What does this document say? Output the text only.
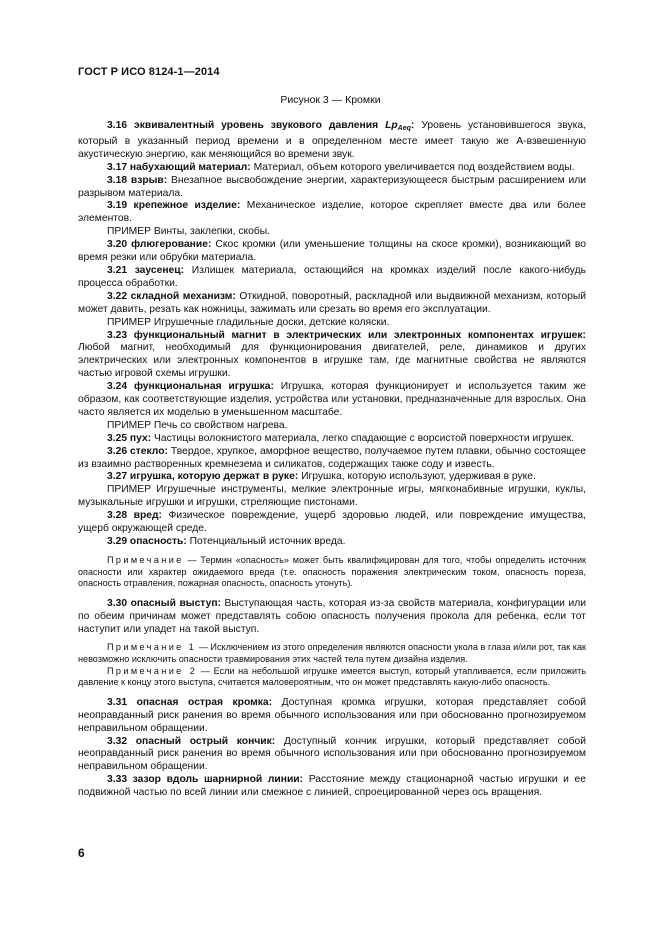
ГОСТ Р ИСО 8124-1—2014
Рисунок 3 — Кромки

3.16 эквивалентный уровень звукового давления $Lp_{Aeq}$: Уровень установившегося звука, который в указанный период времени и в определенном месте имеет такую же А-взвешенную акустическую энергию, как меняющийся во времени звук.

3.17 набухающий материал: Материал, объем которого увеличивается под воздействием воды.

3.18 взрыв: Внезапное высвобождение энергии, характеризующееся быстрым расширением или разрывом материала.

3.19 крепежное изделие: Механическое изделие, которое скрепляет вместе два или более элементов.

ПРИМЕР Винты, заклепки, скобы.

3.20 флюгерование: Скос кромки (или уменьшение толщины на скосе кромки), возникающий во время резки или обрубки материала.

3.21 заусенец: Излишек материала, остающийся на кромках изделий после какого-нибудь процесса обработки.

3.22 складной механизм: Откидной, поворотный, раскладной или выдвижной механизм, который может давить, резать как ножницы, зажимать или срезать во время его эксплуатации.

ПРИМЕР Игрушечные гладильные доски, детские коляски.

3.23 функциональный магнит в электрических или электронных компонентах игрушек: Любой магнит, необходимый для функционирования двигателей, реле, динамиков и других электрических или электронных компонентов в игрушке там, где магнитные свойства не являются частью игровой схемы игрушки.

3.24 функциональная игрушка: Игрушка, которая функционирует и используется таким же образом, как соответствующие изделия, устройства или установки, предназначенные для взрослых. Она часто является их моделью в уменьшенном масштабе.

ПРИМЕР Печь со свойством нагрева.

3.25 пух: Частицы волокнистого материала, легко спадающие с ворсистой поверхности игрушек.

3.26 стекло: Твердое, хрупкое, аморфное вещество, получаемое путем плавки, обычно состоящее из взаимно растворенных кремнезема и силикатов, содержащих также соду и известь.

3.27 игрушка, которую держат в руке: Игрушка, которую используют, удерживая в руке.

ПРИМЕР Игрушечные инструменты, мелкие электронные игры, мягконабивные игрушки, куклы, музыкальные игрушки и игрушки, стреляющие пистонами.

3.28 вред: Физическое повреждение, ущерб здоровью людей, или повреждение имущества, ущерб окружающей среде.

3.29 опасность: Потенциальный источник вреда.

Примечание — Термин «опасность» может быть квалифицирован для того, чтобы определить источник опасности или характер ожидаемого вреда (т.е. опасность поражения электрическим током, опасность пореза, опасность отравления, пожарная опасность, опасность утонуть).

3.30 опасный выступ: Выступающая часть, которая из-за свойств материала, конфигурации или по обеим причинам может представлять собою опасность получения прокола для ребенка, если тот наступит или упадет на такой выступ.

Примечание 1 — Исключением из этого определения являются опасности укола в глаза и/или рот, так как невозможно исключить опасности травмирования этих частей тела путем дизайна изделия.

Примечание 2 — Если на небольшой игрушке имеется выступ, который утапливается, если приложить давление к концу этого выступа, считается маловероятным, что он может представлять какую-либо опасность.

3.31 опасная острая кромка: Доступная кромка игрушки, которая представляет собой неоправданный риск ранения во время обычного использования или при обоснованно прогнозируемом неправильном обращении.

3.32 опасный острый кончик: Доступный кончик игрушки, который представляет собой неоправданный риск ранения во время обычного использования или при обоснованно прогнозируемом неправильном обращении.

3.33 зазор вдоль шарнирной линии: Расстояние между стационарной частью игрушки и ее подвижной частью по всей линии или смежное с линией, спроецированной через ось вращения.

6
